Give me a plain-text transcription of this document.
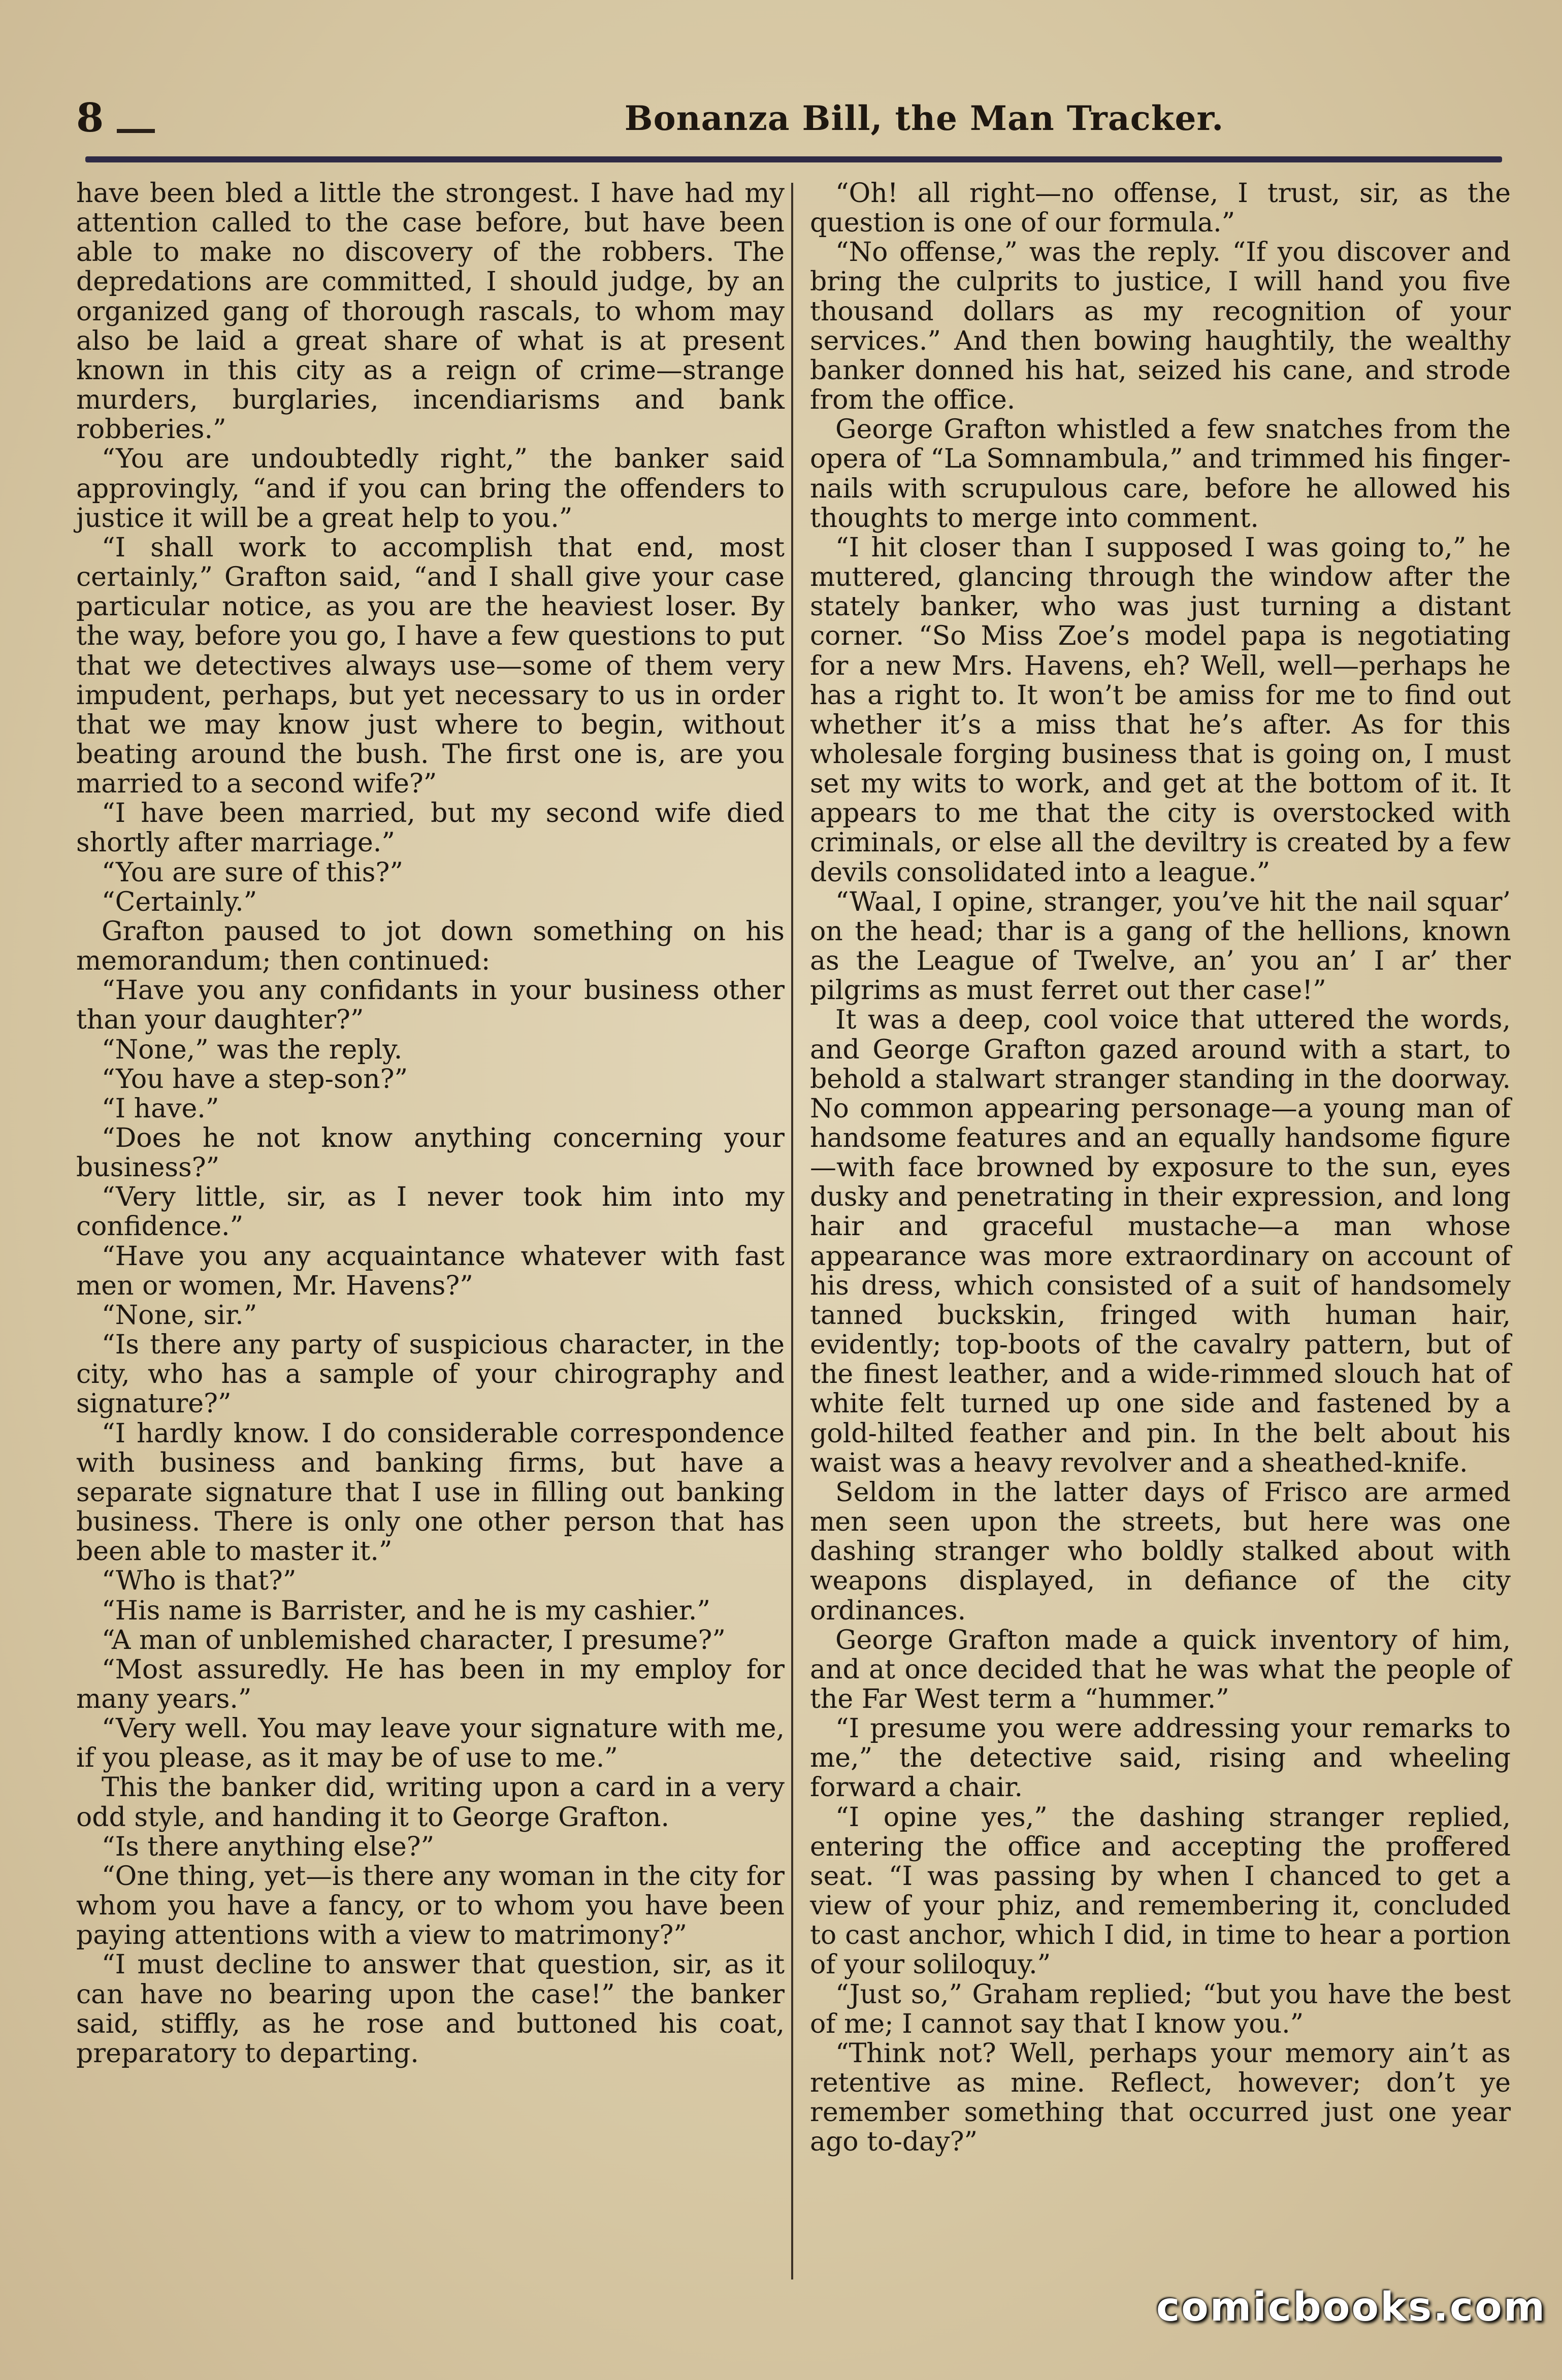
8	Bonanza Bill, the Man Tracker.

have been bled a little the strongest. I have had my attention called to the case before, but have been able to make no discovery of the robbers. The depredations are committed, I should judge, by an organized gang of thorough rascals, to whom may also be laid a great share of what is at present known in this city as a reign of crime—strange murders, burglaries, incendiarisms and bank robberies.”

“You are undoubtedly right,” the banker said approvingly, “and if you can bring the offenders to justice it will be a great help to you.”

“I shall work to accomplish that end, most certainly,” Grafton said, “and I shall give your case particular notice, as you are the heaviest loser. By the way, before you go, I have a few questions to put that we detectives always use—some of them very impudent, perhaps, but yet necessary to us in order that we may know just where to begin, without beating around the bush. The first one is, are you married to a second wife?”

“I have been married, but my second wife died shortly after marriage.”

“You are sure of this?”

“Certainly.”

Grafton paused to jot down something on his memorandum; then continued:

“Have you any confidants in your business other than your daughter?”

“None,” was the reply.

“You have a step-son?”

“I have.”

“Does he not know anything concerning your business?”

“Very little, sir, as I never took him into my confidence.”

“Have you any acquaintance whatever with fast men or women, Mr. Havens?”

“None, sir.”

“Is there any party of suspicious character, in the city, who has a sample of your chirography and signature?”

“I hardly know. I do considerable correspondence with business and banking firms, but have a separate signature that I use in filling out banking business. There is only one other person that has been able to master it.”

“Who is that?”

“His name is Barrister, and he is my cashier.”

“A man of unblemished character, I presume?”

“Most assuredly. He has been in my employ for many years.”

“Very well. You may leave your signature with me, if you please, as it may be of use to me.”

This the banker did, writing upon a card in a very odd style, and handing it to George Grafton.

“Is there anything else?”

“One thing, yet—is there any woman in the city for whom you have a fancy, or to whom you have been paying attentions with a view to matrimony?”

“I must decline to answer that question, sir, as it can have no bearing upon the case!” the banker said, stiffly, as he rose and buttoned his coat, preparatory to departing.

“Oh! all right—no offense, I trust, sir, as the question is one of our formula.”

“No offense,” was the reply. “If you discover and bring the culprits to justice, I will hand you five thousand dollars as my recognition of your services.” And then bowing haughtily, the wealthy banker donned his hat, seized his cane, and strode from the office.

George Grafton whistled a few snatches from the opera of “La Somnambula,” and trimmed his finger-nails with scrupulous care, before he allowed his thoughts to merge into comment.

“I hit closer than I supposed I was going to,” he muttered, glancing through the window after the stately banker, who was just turning a distant corner. “So Miss Zoe’s model papa is negotiating for a new Mrs. Havens, eh? Well, well—perhaps he has a right to. It won’t be amiss for me to find out whether it’s a miss that he’s after. As for this wholesale forging business that is going on, I must set my wits to work, and get at the bottom of it. It appears to me that the city is overstocked with criminals, or else all the deviltry is created by a few devils consolidated into a league.”

“Waal, I opine, stranger, you’ve hit the nail squar’ on the head; thar is a gang of the hellions, known as the League of Twelve, an’ you an’ I ar’ ther pilgrims as must ferret out ther case!”

It was a deep, cool voice that uttered the words, and George Grafton gazed around with a start, to behold a stalwart stranger standing in the doorway. No common appearing personage—a young man of handsome features and an equally handsome figure—with face browned by exposure to the sun, eyes dusky and penetrating in their expression, and long hair and graceful mustache—a man whose appearance was more extraordinary on account of his dress, which consisted of a suit of handsomely tanned buckskin, fringed with human hair, evidently; top-boots of the cavalry pattern, but of the finest leather, and a wide-rimmed slouch hat of white felt turned up one side and fastened by a gold-hilted feather and pin. In the belt about his waist was a heavy revolver and a sheathed-knife.

Seldom in the latter days of Frisco are armed men seen upon the streets, but here was one dashing stranger who boldly stalked about with weapons displayed, in defiance of the city ordinances.

George Grafton made a quick inventory of him, and at once decided that he was what the people of the Far West term a “hummer.”

“I presume you were addressing your remarks to me,” the detective said, rising and wheeling forward a chair.

“I opine yes,” the dashing stranger replied, entering the office and accepting the proffered seat. “I was passing by when I chanced to get a view of your phiz, and remembering it, concluded to cast anchor, which I did, in time to hear a portion of your soliloquy.”

“Just so,” Graham replied; “but you have the best of me; I cannot say that I know you.”

“Think not? Well, perhaps your memory ain’t as retentive as mine. Reflect, however; don’t ye remember something that occurred just one year ago to-day?”

comicbooks.com
